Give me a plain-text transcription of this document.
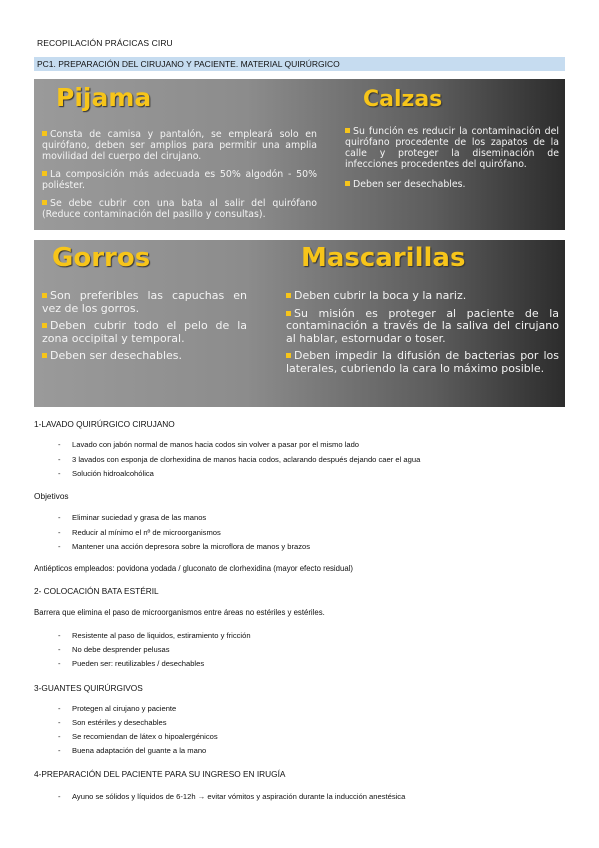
RECOPILACIÓN PRÁCICAS CIRU
PC1. PREPARACIÓN DEL CIRUJANO Y PACIENTE. MATERIAL QUIRÚRGICO
Pijama
Consta de camisa y pantalón, se empleará solo en quirófano, deben ser amplios para permitir una amplia movilidad del cuerpo del cirujano.
La composición más adecuada es 50% algodón - 50% poliéster.
Se debe cubrir con una bata al salir del quirófano (Reduce contaminación del pasillo y consultas).
Calzas
Su función es reducir la contaminación del quirófano procedente de los zapatos de la calle y proteger la diseminación de infecciones procedentes del quirófano.
Deben ser desechables.
Gorros
Son preferibles las capuchas en vez de los gorros.
Deben cubrir todo el pelo de la zona occipital y temporal.
Deben ser desechables.
Mascarillas
Deben cubrir la boca y la nariz.
Su misión es proteger al paciente de la contaminación a través de la saliva del cirujano al hablar, estornudar o toser.
Deben impedir la difusión de bacterias por los laterales, cubriendo la cara lo máximo posible.
1-LAVADO QUIRÚRGICO CIRUJANO
- Lavado con jabón normal de manos hacia codos sin volver a pasar por el mismo lado
- 3 lavados con esponja de clorhexidina de manos hacia codos, aclarando después dejando caer el agua
- Solución hidroalcohólica
Objetivos
- Eliminar suciedad y grasa de las manos
- Reducir al mínimo el nº de microorganismos
- Mantener una acción depresora sobre la microflora de manos y brazos
Antiépticos empleados: povidona yodada / gluconato de clorhexidina (mayor efecto residual)
2- COLOCACIÓN BATA ESTÉRIL
Barrera que elimina el paso de microorganismos entre áreas no estériles y estériles.
- Resistente al paso de liquidos, estiramiento y fricción
- No debe desprender pelusas
- Pueden ser: reutilizables / desechables
3-GUANTES QUIRÚRGIVOS
- Protegen al cirujano y paciente
- Son estériles y desechables
- Se recomiendan de látex o hipoalergénicos
- Buena adaptación del guante a la mano
4-PREPARACIÓN DEL PACIENTE PARA SU INGRESO EN IRUGÍA
- Ayuno se sólidos y líquidos de 6-12h → evitar vómitos y aspiración durante la inducción anestésica
